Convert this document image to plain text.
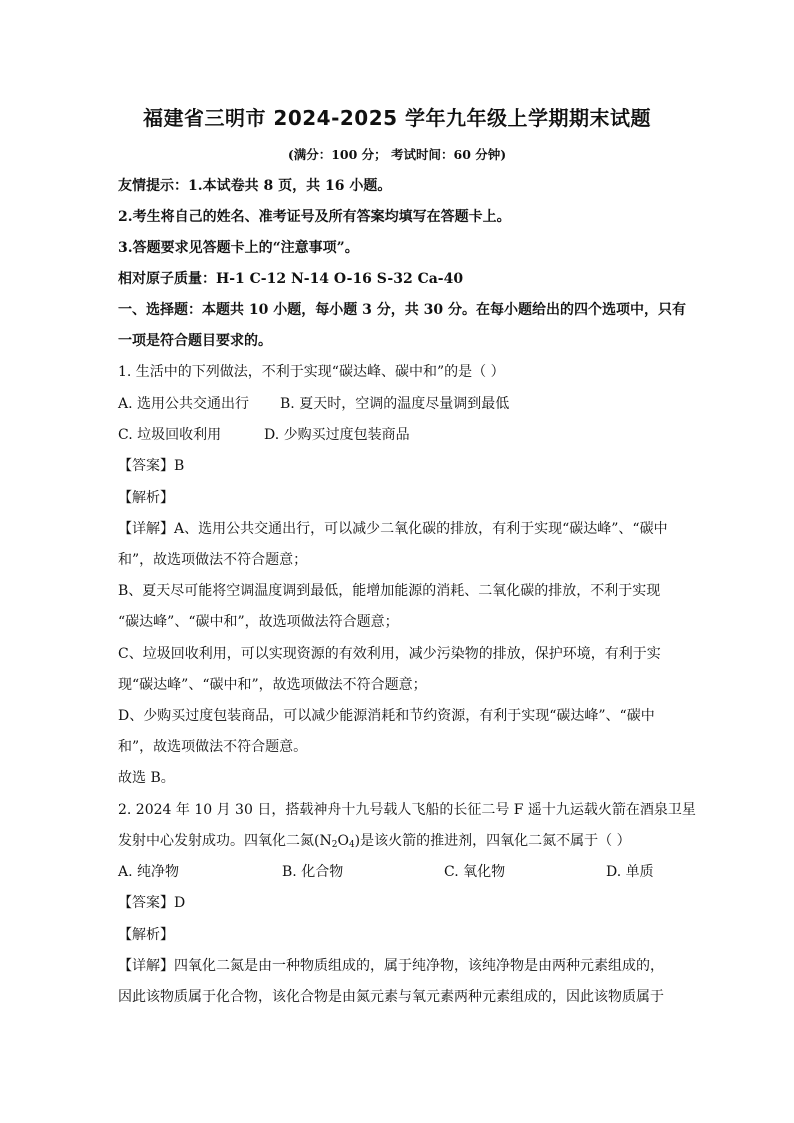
福建省三明市 2024-2025 学年九年级上学期期末试题
(满分：100 分； 考试时间：60 分钟)
友情提示：1.本试卷共 8 页，共 16 小题。
2.考生将自己的姓名、准考证号及所有答案均填写在答题卡上。
3.答题要求见答题卡上的“注意事项”。
相对原子质量：H-1 C-12 N-14 O-16 S-32 Ca-40
一、选择题：本题共 10 小题，每小题 3 分，共 30 分。在每小题给出的四个选项中，只有
一项是符合题目要求的。
1. 生活中的下列做法，不利于实现“碳达峰、碳中和”的是（ ）
A. 选用公共交通出行 B. 夏天时，空调的温度尽量调到最低
C. 垃圾回收利用	D. 少购买过度包装商品
【答案】B
【解析】
【详解】A、选用公共交通出行，可以减少二氧化碳的排放，有利于实现“碳达峰”、“碳中
和”，故选项做法不符合题意；
B、夏天尽可能将空调温度调到最低，能增加能源的消耗、二氧化碳的排放，不利于实现
“碳达峰”、“碳中和”，故选项做法符合题意；
C、垃圾回收利用，可以实现资源的有效利用，减少污染物的排放，保护环境，有利于实
现“碳达峰”、“碳中和”，故选项做法不符合题意；
D、少购买过度包装商品，可以减少能源消耗和节约资源，有利于实现“碳达峰”、“碳中
和”，故选项做法不符合题意。
故选 B。
2. 2024 年 10 月 30 日，搭载神舟十九号载人飞船的长征二号 F 遥十九运载火箭在酒泉卫星
发射中心发射成功。四氧化二氮$(N_2O_4)$是该火箭的推进剂，四氧化二氮不属于（ ）
A. 纯净物	B. 化合物	C. 氧化物	D. 单质
【答案】D
【解析】
【详解】四氧化二氮是由一种物质组成的，属于纯净物，该纯净物是由两种元素组成的，
因此该物质属于化合物，该化合物是由氮元素与氧元素两种元素组成的，因此该物质属于
